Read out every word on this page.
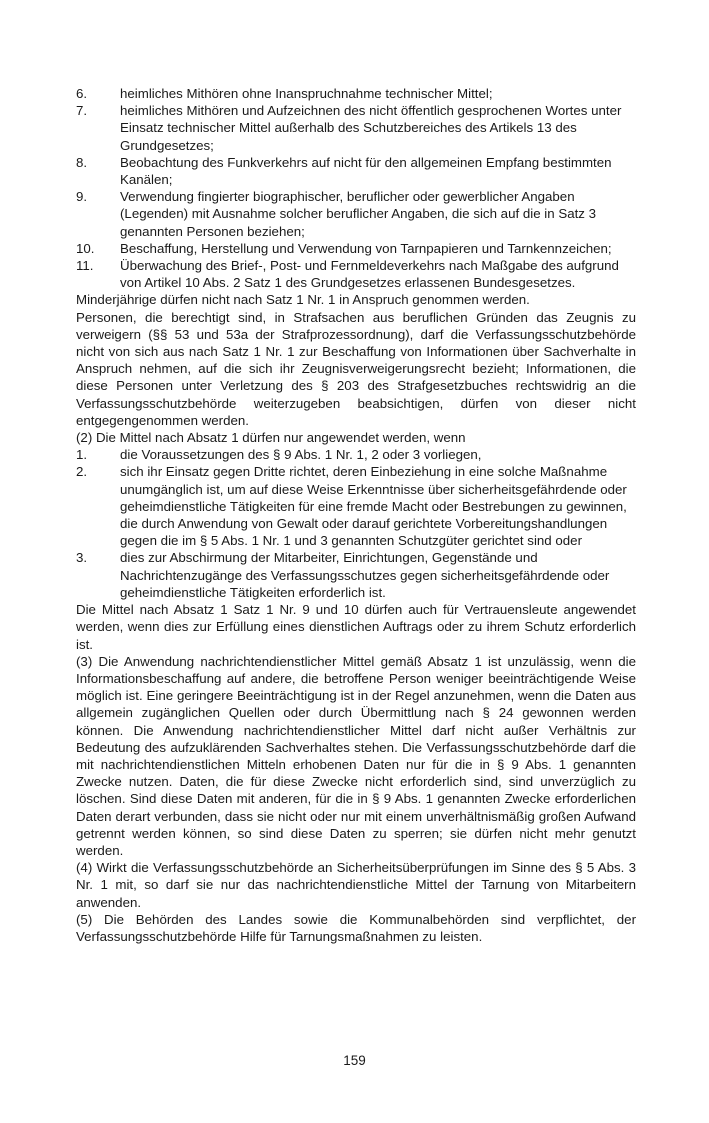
6.	heimliches Mithören ohne Inanspruchnahme technischer Mittel;
7.	heimliches Mithören und Aufzeichnen des nicht öffentlich gesprochenen Wortes unter Einsatz technischer Mittel außerhalb des Schutzbereiches des Artikels 13 des Grundgesetzes;
8.	Beobachtung des Funkverkehrs auf nicht für den allgemeinen Empfang bestimmten Kanälen;
9.	Verwendung fingierter biographischer, beruflicher oder gewerblicher Angaben (Legenden) mit Ausnahme solcher beruflicher Angaben, die sich auf die in Satz 3 genannten Personen beziehen;
10.	Beschaffung, Herstellung und Verwendung von Tarnpapieren und Tarnkennzeichen;
11.	Überwachung des Brief-, Post- und Fernmeldeverkehrs nach Maßgabe des aufgrund von Artikel 10 Abs. 2 Satz 1 des Grundgesetzes erlassenen Bundesgesetzes.
Minderjährige dürfen nicht nach Satz 1 Nr. 1 in Anspruch genommen werden.
Personen, die berechtigt sind, in Strafsachen aus beruflichen Gründen das Zeugnis zu verweigern (§§ 53 und 53a der Strafprozessordnung), darf die Verfassungsschutzbehörde nicht von sich aus nach Satz 1 Nr. 1 zur Beschaffung von Informationen über Sachverhalte in Anspruch nehmen, auf die sich ihr Zeugnisverweigerungsrecht bezieht; Informationen, die diese Personen unter Verletzung des § 203 des Strafgesetzbuches rechtswidrig an die Verfassungsschutzbehörde weiterzugeben beabsichtigen, dürfen von dieser nicht entgegengenommen werden.
(2) Die Mittel nach Absatz 1 dürfen nur angewendet werden, wenn
1.	die Voraussetzungen des § 9 Abs. 1 Nr. 1, 2 oder 3 vorliegen,
2.	sich ihr Einsatz gegen Dritte richtet, deren Einbeziehung in eine solche Maßnahme unumgänglich ist, um auf diese Weise Erkenntnisse über sicherheitsgefährdende oder geheimdienstliche Tätigkeiten für eine fremde Macht oder Bestrebungen zu gewinnen, die durch Anwendung von Gewalt oder darauf gerichtete Vorbereitungshandlungen gegen die im § 5 Abs. 1 Nr. 1 und 3 genannten Schutzgüter gerichtet sind oder
3.	dies zur Abschirmung der Mitarbeiter, Einrichtungen, Gegenstände und Nachrichtenzugänge des Verfassungsschutzes gegen sicherheitsgefährdende oder geheimdienstliche Tätigkeiten erforderlich ist.
Die Mittel nach Absatz 1 Satz 1 Nr. 9 und 10 dürfen auch für Vertrauensleute angewendet werden, wenn dies zur Erfüllung eines dienstlichen Auftrags oder zu ihrem Schutz erforderlich ist.
(3) Die Anwendung nachrichtendienstlicher Mittel gemäß Absatz 1 ist unzulässig, wenn die Informationsbeschaffung auf andere, die betroffene Person weniger beeinträchtigende Weise möglich ist. Eine geringere Beeinträchtigung ist in der Regel anzunehmen, wenn die Daten aus allgemein zugänglichen Quellen oder durch Übermittlung nach § 24 gewonnen werden können. Die Anwendung nachrichtendienstlicher Mittel darf nicht außer Verhältnis zur Bedeutung des aufzuklärenden Sachverhaltes stehen. Die Verfassungsschutzbehörde darf die mit nachrichtendienstlichen Mitteln erhobenen Daten nur für die in § 9 Abs. 1 genannten Zwecke nutzen. Daten, die für diese Zwecke nicht erforderlich sind, sind unverzüglich zu löschen. Sind diese Daten mit anderen, für die in § 9 Abs. 1 genannten Zwecke erforderlichen Daten derart verbunden, dass sie nicht oder nur mit einem unverhältnismäßig großen Aufwand getrennt werden können, so sind diese Daten zu sperren; sie dürfen nicht mehr genutzt werden.
(4) Wirkt die Verfassungsschutzbehörde an Sicherheitsüberprüfungen im Sinne des § 5 Abs. 3 Nr. 1 mit, so darf sie nur das nachrichtendienstliche Mittel der Tarnung von Mitarbeitern anwenden.
(5) Die Behörden des Landes sowie die Kommunalbehörden sind verpflichtet, der Verfassungsschutzbehörde Hilfe für Tarnungsmaßnahmen zu leisten.
159
